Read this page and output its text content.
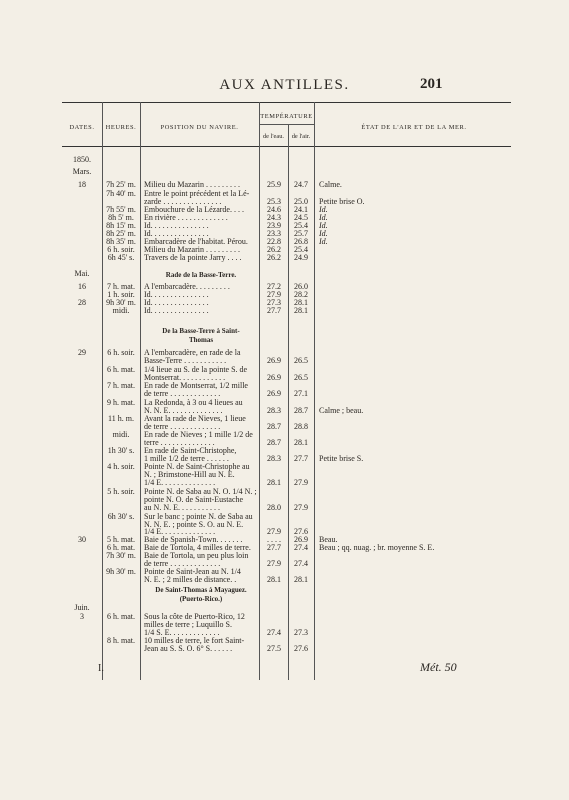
AUX ANTILLES.	201
DATES.	HEURES.	POSITION DU NAVIRE.
TEMPÉRATURE
de l'eau.	de l'air.
ÉTAT DE L'AIR ET DE LA MER.
1850.
Mars.
18	7h 25' m.	Milieu du Mazarin . . . . . . . . .	25.9	24.7	Calme.
7h 40' m.	Entre le point précédent et la Lé-
zarde . . . . . . . . . . . . . . .	25.3	25.0	Petite brise O.
7h 55' m.	Embouchure de la Lézarde. . . .	24.6	24.1	Id.
8h 5' m.	En rivière . . . . . . . . . . . . .	24.3	24.5	Id.
8h 15' m.	Id. . . . . . . . . . . . . . .	23.9	25.4	Id.
8h 25' m.	Id. . . . . . . . . . . . . . .	23.3	25.7	Id.
8h 35' m.	Embarcadère de l'habitat. Pérou.	22.8	26.8	Id.
6 h. soir.	Milieu du Mazarin . . . . . . . . .	26.2	25.4
6h 45' s.	Travers de la pointe Jarry . . . .	26.2	24.9
Mai.
16	7 h. mat.	A l'embarcadère. . . . . . . . .	27.2	26.0
1 h. soir.	Id. . . . . . . . . . . . . . .	27.9	28.2
28	9h 30' m.	Id. . . . . . . . . . . . . . .	27.3	28.1
midi.	Id. . . . . . . . . . . . . . .	27.7	28.1
29	6 h. soir.	A l'embarcadère, en rade de la
Basse-Terre . . . . . . . . . . .	26.9	26.5
6 h. mat.	1/4 lieue au S. de la pointe S. de
Montserrat. . . . . . . . . . . .	26.9	26.5
7 h. mat.	En rade de Montserrat, 1/2 mille
de terre . . . . . . . . . . . . .	26.9	27.1
9 h. mat.	La Redonda, à 3 ou 4 lieues au
N. N. E. . . . . . . . . . . . . .	28.3	28.7	Calme ; beau.
11 h. m.	Avant la rade de Nieves, 1 lieue
de terre . . . . . . . . . . . . .	28.7	28.8
midi.	En rade de Nieves ; 1 mille 1/2 de
terre . . . . . . . . . . . . . .	28.7	28.1
1h 30' s.	En rade de Saint-Christophe,
1 mille 1/2 de terre . . . . . .	28.3	27.7	Petite brise S.
4 h. soir.	Pointe N. de Saint-Christophe au
N. ; Brimstone-Hill au N. E.
1/4 E. . . . . . . . . . . . . .	28.1	27.9
5 h. soir.	Pointe N. de Saba au N. O. 1/4 N. ;
pointe N. O. de Saint-Eustache
au N. N. E. . . . . . . . . . .	28.0	27.9
6h 30' s.	Sur le banc ; pointe N. de Saba au
N. N. E. ; pointe S. O. au N. E.
1/4 E. . . . . . . . . . . . . .	27.9	27.6
30	5 h. mat.	Baie de Spanish-Town. . . . . . .	. . . .	26.9	Beau.
6 h. mat.	Baie de Tortola, 4 milles de terre.	27.7	27.4	Beau ; qq. nuag. ; br. moyenne S. E.
7h 30' m.	Baie de Tortola, un peu plus loin
de terre . . . . . . . . . . . . .	27.9	27.4
9h 30' m.	Pointe de Saint-Jean au N. 1/4
N. E. ; 2 milles de distance. .	28.1	28.1
Juin.
3	6 h. mat.	Sous la côte de Puerto-Rico, 12
milles de terre ; Luquillo S.
1/4 S. E. . . . . . . . . . . . .	27.4	27.3
8 h. mat.	10 milles de terre, le fort Saint-
Jean au S. S. O. 6° S. . . . . .	27.5	27.6
Rade de la Basse-Terre.
De la Basse-Terre à Saint-
Thomas
De Saint-Thomas à Mayaguez.
(Puerto-Rico.)
I.	Mét. 50
